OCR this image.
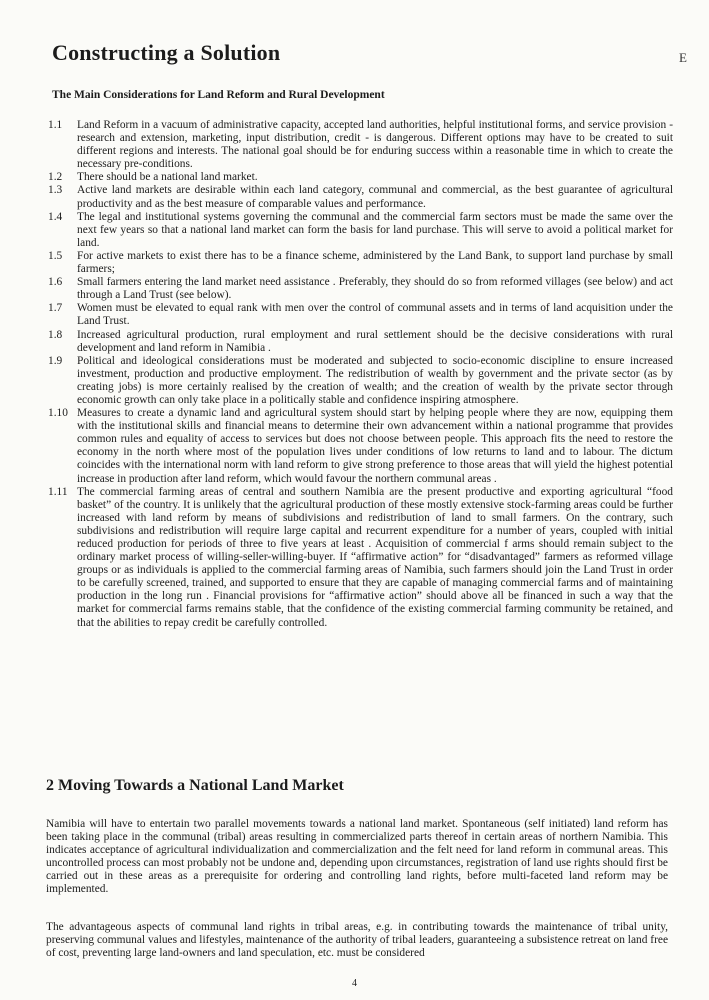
E
Constructing a Solution
The Main Considerations for Land Reform and Rural Development
1.1	Land Reform in a vacuum of administrative capacity, accepted land authorities, helpful institutional forms, and service provision - research and extension, marketing, input distribution, credit - is dangerous. Different options may have to be created to suit different regions and interests. The national goal should be for enduring success within a reasonable time in which to create the necessary pre-conditions.
1.2	There should be a national land market.
1.3	Active land markets are desirable within each land category, communal and commercial, as the best guarantee of agricultural productivity and as the best measure of comparable values and performance.
1.4	The legal and institutional systems governing the communal and the commercial farm sectors must be made the same over the next few years so that a national land market can form the basis for land purchase. This will serve to avoid a political market for land.
1.5	For active markets to exist there has to be a finance scheme, administered by the Land Bank, to support land purchase by small farmers;
1.6	Small farmers entering the land market need assistance . Preferably, they should do so from reformed villages (see below) and act through a Land Trust (see below).
1.7	Women must be elevated to equal rank with men over the control of communal assets and in terms of land acquisition under the Land Trust.
1.8	Increased agricultural production, rural employment and rural settlement should be the decisive considerations with rural development and land reform in Namibia .
1.9	Political and ideological considerations must be moderated and subjected to socio-economic discipline to ensure increased investment, production and productive employment. The redistribution of wealth by government and the private sector (as by creating jobs) is more certainly realised by the creation of wealth; and the creation of wealth by the private sector through economic growth can only take place in a politically stable and confidence inspiring atmosphere.
1.10 Measures to create a dynamic land and agricultural system should start by helping people where they are now, equipping them with the institutional skills and financial means to determine their own advancement within a national programme that provides common rules and equality of access to services but does not choose between people. This approach fits the need to restore the economy in the north where most of the population lives under conditions of low returns to land and to labour. The dictum coincides with the international norm with land reform to give strong preference to those areas that will yield the highest potential increase in production after land reform, which would favour the northern communal areas .
1.11 The commercial farming areas of central and southern Namibia are the present productive and exporting agricultural “food basket” of the country. It is unlikely that the agricultural production of these mostly extensive stock-farming areas could be further increased with land reform by means of subdivisions and redistribution of land to small farmers. On the contrary, such subdivisions and redistribution will require large capital and recurrent expenditure for a number of years, coupled with initial reduced production for periods of three to five years at least . Acquisition of commercial f arms should remain subject to the ordinary market process of willing-seller-willing-buyer. If “affirmative action” for “disadvantaged” farmers as reformed village groups or as individuals is applied to the commercial farming areas of Namibia, such farmers should join the Land Trust in order to be carefully screened, trained, and supported to ensure that they are capable of managing commercial farms and of maintaining production in the long run . Financial provisions for “affirmative action” should above all be financed in such a way that the market for commercial farms remains stable, that the confidence of the existing commercial farming community be retained, and that the abilities to repay credit be carefully controlled.
2 Moving Towards a National Land Market

Namibia will have to entertain two parallel movements towards a national land market. Spontaneous (self initiated) land reform has been taking place in the communal (tribal) areas resulting in commercialized parts thereof in certain areas of northern Namibia. This indicates acceptance of agricultural individualization and commercialization and the felt need for land reform in communal areas. This uncontrolled process can most probably not be undone and, depending upon circumstances, registration of land use rights should first be carried out in these areas as a prerequisite for ordering and controlling land rights, before multi-faceted land reform may be implemented.

The advantageous aspects of communal land rights in tribal areas, e.g. in contributing towards the maintenance of tribal unity, preserving communal values and lifestyles, maintenance of the authority of tribal leaders, guaranteeing a subsistence retreat on land free of cost, preventing large land-owners and land speculation, etc. must be considered

4
